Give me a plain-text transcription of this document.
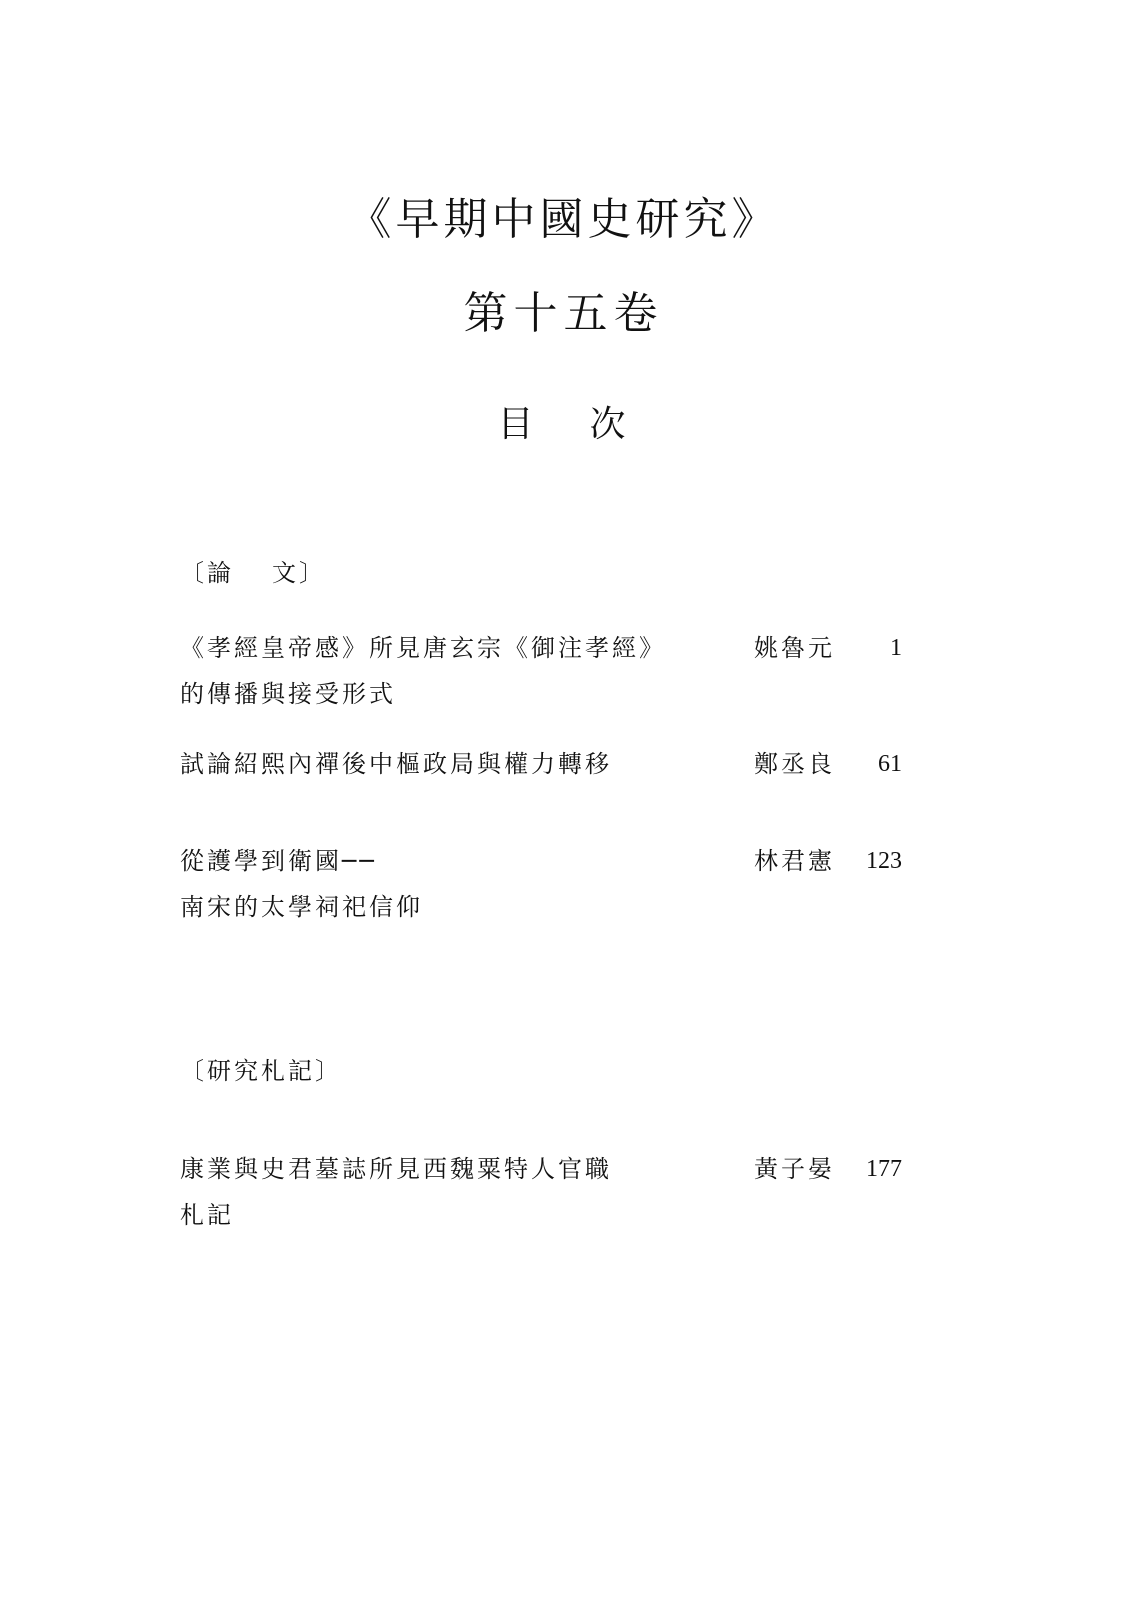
《早期中國史研究》
第十五卷
目 次
〔論 文〕
《孝經皇帝感》所見唐玄宗《御注孝經》
的傳播與接受形式
姚魯元 1
試論紹熙內禪後中樞政局與權力轉移	鄭丞良 61
從護學到衛國──
南宋的太學祠祀信仰
林君憲 123
〔研究札記〕
康業與史君墓誌所見西魏粟特人官職
札記
黃子晏 177
